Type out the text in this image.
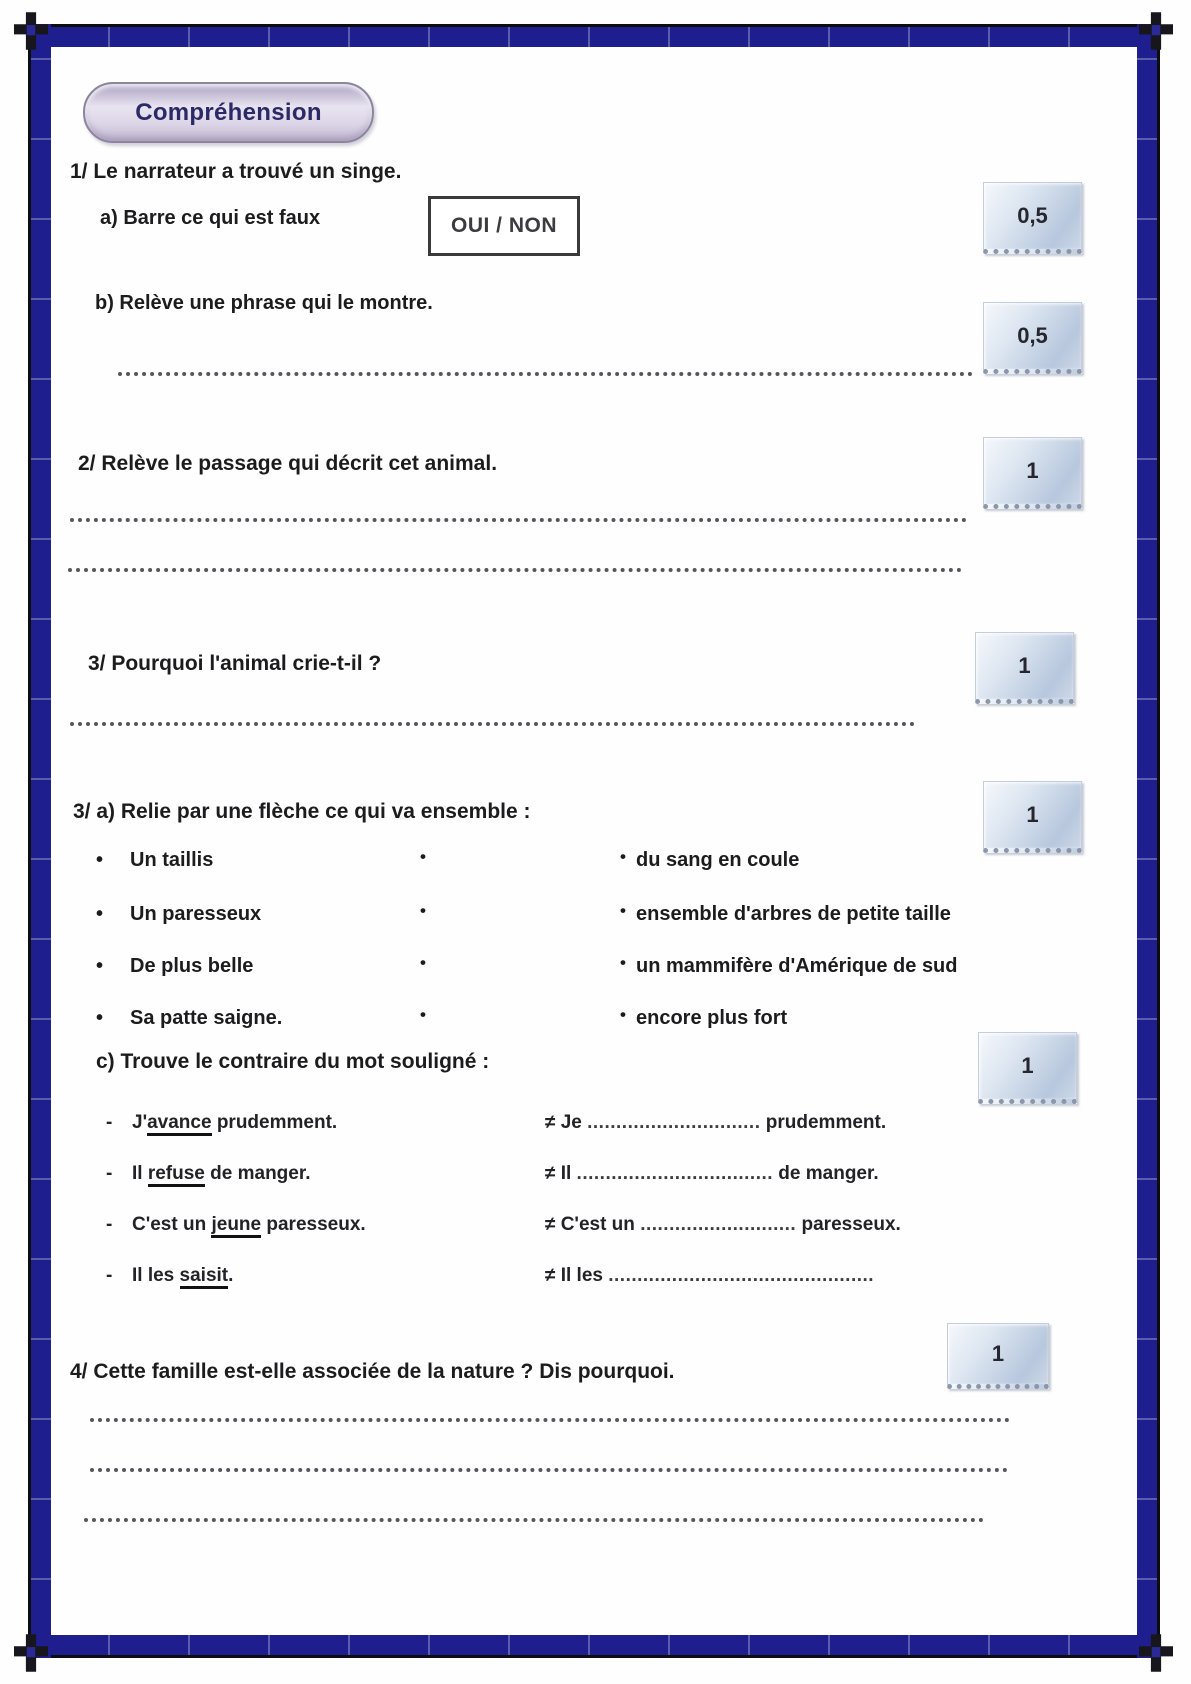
Compréhension
1/ Le narrateur a trouvé un singe.
a) Barre ce qui est faux	OUI / NON	0,5
b) Relève une phrase qui le montre.
0,5
2/ Relève le passage qui décrit cet animal.	1
3/ Pourquoi l'animal crie-t-il ?	1
3/ a) Relie par une flèche ce qui va ensemble :	1
• Un taillis	•	• du sang en coule
• Un paresseux	•	• ensemble d'arbres de petite taille
• De plus belle	•	• un mammifère d'Amérique de sud
• Sa patte saigne.	•	• encore plus fort
c) Trouve le contraire du mot souligné :	1
- J'avance prudemment.	≠ Je .............................. prudemment.
- Il refuse de manger.	≠ Il .................................. de manger.
- C'est un jeune paresseux.	≠ C'est un ........................... paresseux.
- Il les saisit.	≠ Il les ..............................................
4/ Cette famille est-elle associée de la nature ? Dis pourquoi.
1
